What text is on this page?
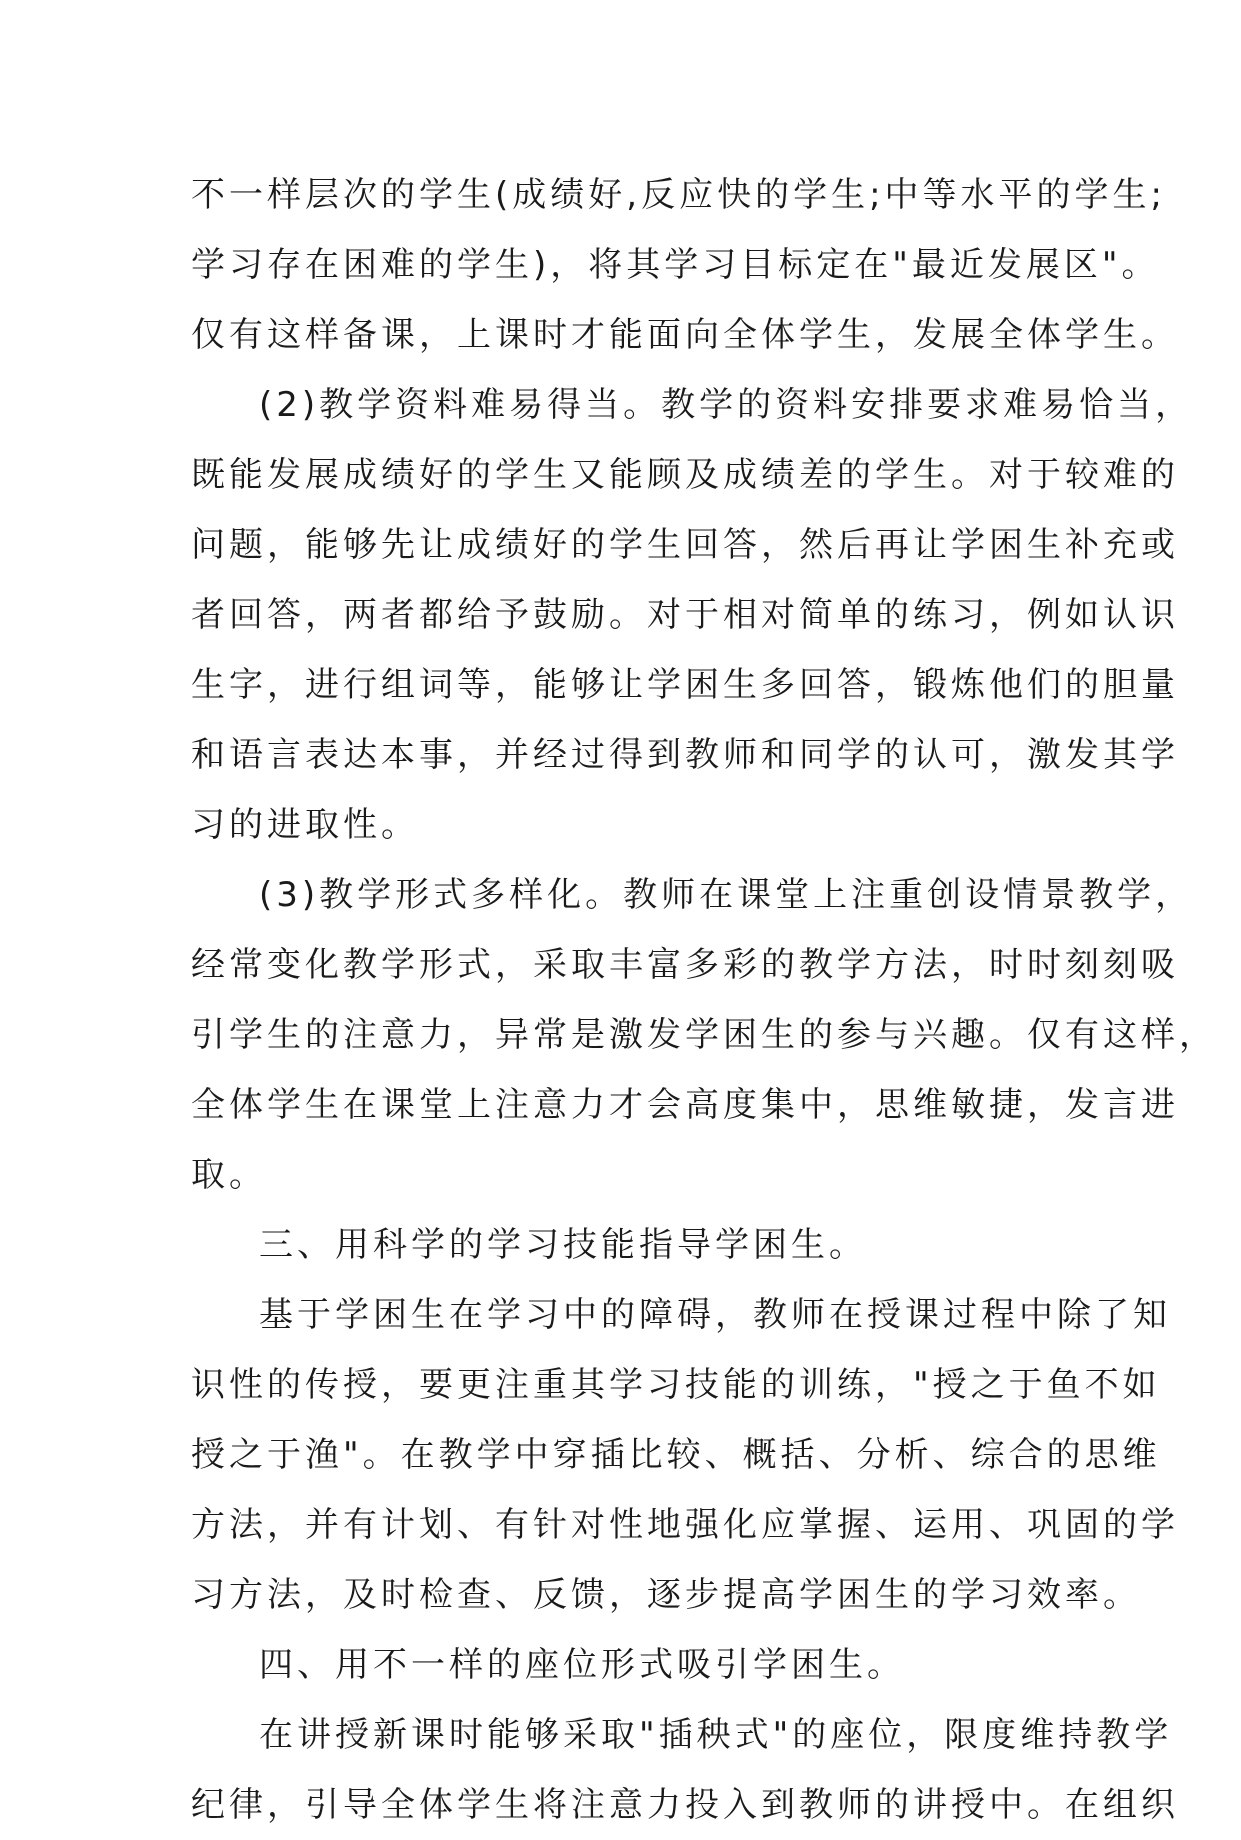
不一样层次的学生(成绩好,反应快的学生;中等水平的学生;
学习存在困难的学生)，将其学习目标定在"最近发展区"。
仅有这样备课，上课时才能面向全体学生，发展全体学生。
(2)教学资料难易得当。教学的资料安排要求难易恰当，
既能发展成绩好的学生又能顾及成绩差的学生。对于较难的
问题，能够先让成绩好的学生回答，然后再让学困生补充或
者回答，两者都给予鼓励。对于相对简单的练习，例如认识
生字，进行组词等，能够让学困生多回答，锻炼他们的胆量
和语言表达本事，并经过得到教师和同学的认可，激发其学
习的进取性。
(3)教学形式多样化。教师在课堂上注重创设情景教学，
经常变化教学形式，采取丰富多彩的教学方法，时时刻刻吸
引学生的注意力，异常是激发学困生的参与兴趣。仅有这样，
全体学生在课堂上注意力才会高度集中，思维敏捷，发言进
取。
三、用科学的学习技能指导学困生。
基于学困生在学习中的障碍，教师在授课过程中除了知
识性的传授，要更注重其学习技能的训练，"授之于鱼不如
授之于渔"。在教学中穿插比较、概括、分析、综合的思维
方法，并有计划、有针对性地强化应掌握、运用、巩固的学
习方法，及时检查、反馈，逐步提高学困生的学习效率。
四、用不一样的座位形式吸引学困生。
在讲授新课时能够采取"插秧式"的座位，限度维持教学
纪律，引导全体学生将注意力投入到教师的讲授中。在组织
